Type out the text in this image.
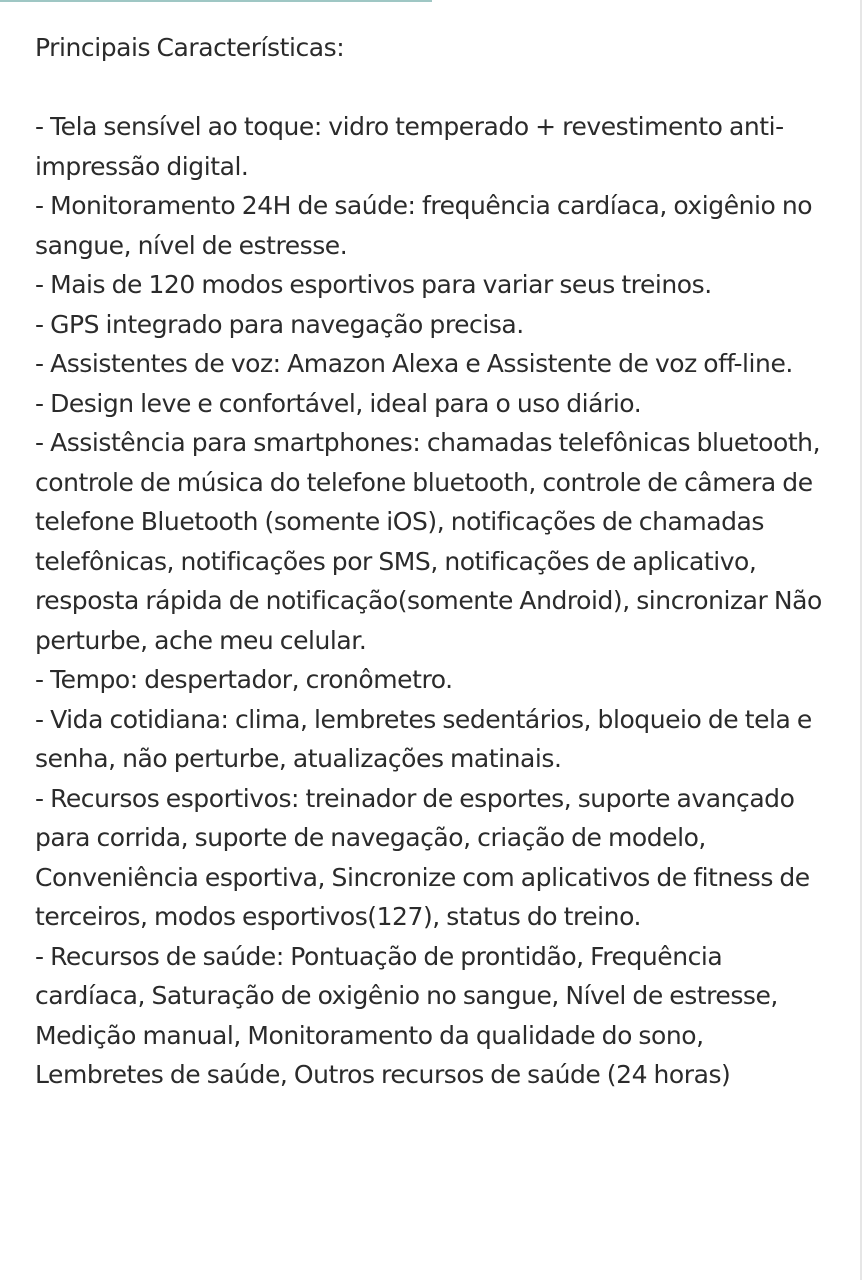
Principais Características:

- Tela sensível ao toque: vidro temperado + revestimento anti-impressão digital.
- Monitoramento 24H de saúde: frequência cardíaca, oxigênio no sangue, nível de estresse.
- Mais de 120 modos esportivos para variar seus treinos.
- GPS integrado para navegação precisa.
- Assistentes de voz: Amazon Alexa e Assistente de voz off-line.
- Design leve e confortável, ideal para o uso diário.
- Assistência para smartphones: chamadas telefônicas bluetooth, controle de música do telefone bluetooth, controle de câmera de telefone Bluetooth (somente iOS), notificações de chamadas telefônicas, notificações por SMS, notificações de aplicativo, resposta rápida de notificação(somente Android), sincronizar Não perturbe, ache meu celular.
- Tempo: despertador, cronômetro.
- Vida cotidiana: clima, lembretes sedentários, bloqueio de tela e senha, não perturbe, atualizações matinais.
- Recursos esportivos: treinador de esportes, suporte avançado para corrida, suporte de navegação, criação de modelo, Conveniência esportiva, Sincronize com aplicativos de fitness de terceiros, modos esportivos(127), status do treino.
- Recursos de saúde: Pontuação de prontidão, Frequência cardíaca, Saturação de oxigênio no sangue, Nível de estresse, Medição manual, Monitoramento da qualidade do sono, Lembretes de saúde, Outros recursos de saúde (24 horas)
